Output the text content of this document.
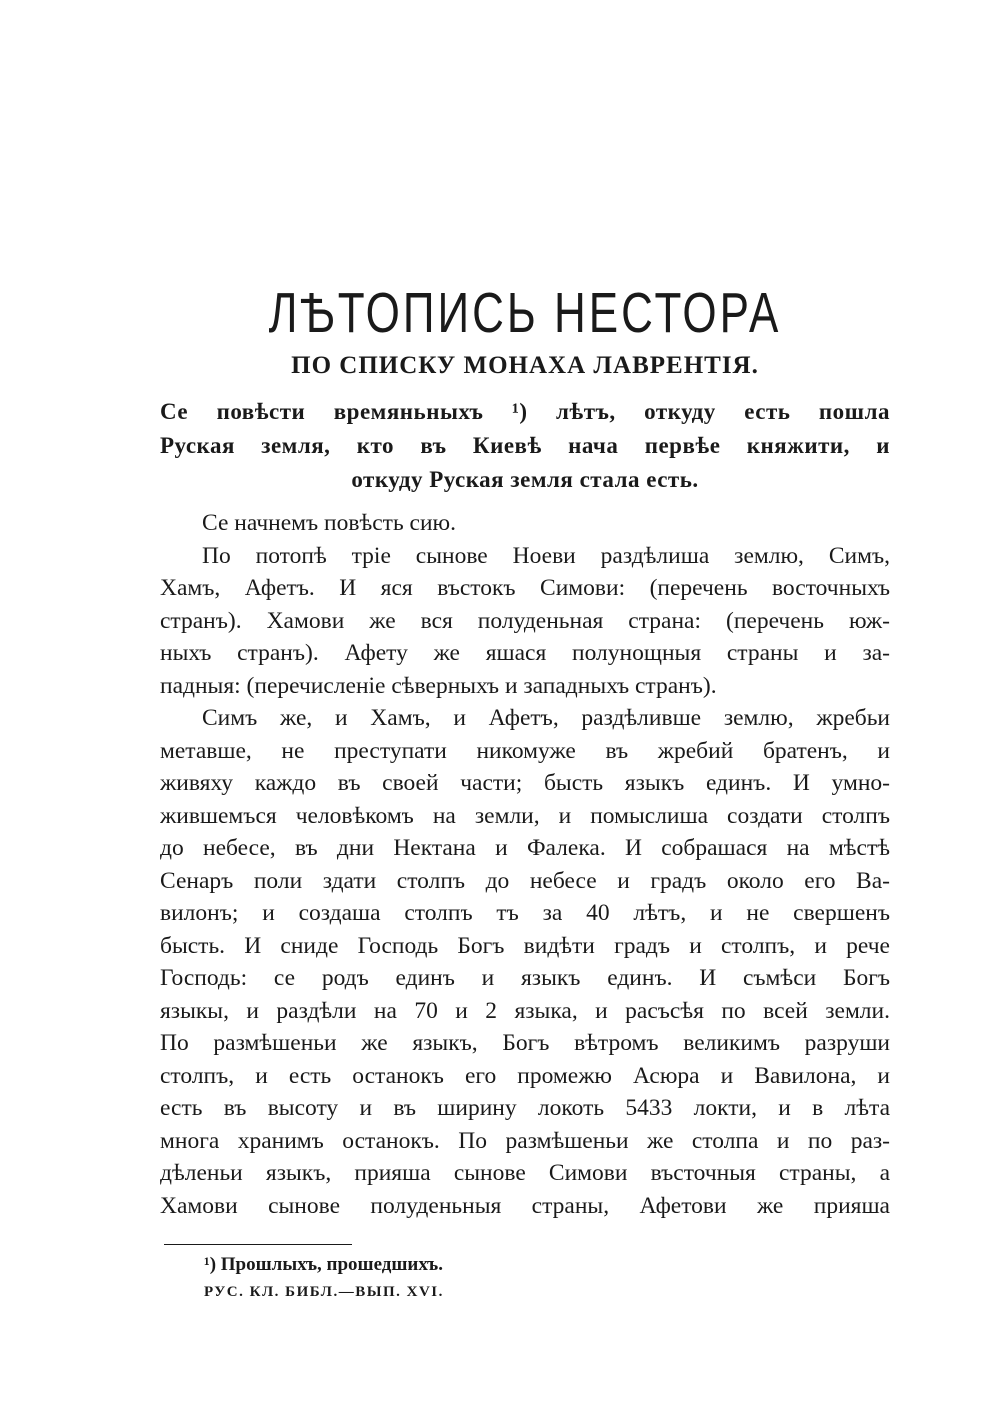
ЛѢТОПИСЬ НЕСТОРА
ПО СПИСКУ МОНАХА ЛАВРЕНТІЯ.
Се повѣсти времяньныхъ ¹) лѣтъ, откуду есть пошла
Руская земля, кто въ Киевѣ нача первѣе княжити, и
откуду Руская земля стала есть.
Се начнемъ повѣсть сию.
По потопѣ тріе сынове Ноеви раздѣлиша землю, Симъ,
Хамъ, Афетъ. И яся въстокъ Симови: (перечень восточныхъ
странъ). Хамови же вся полуденьная страна: (перечень юж-
ныхъ странъ). Афету же яшася полунощныя страны и за-
падныя: (перечисленіе сѣверныхъ и западныхъ странъ).
Симъ же, и Хамъ, и Афетъ, раздѣливше землю, жребьи
метавше, не преступати никомуже въ жребий братенъ, и
живяху каждо въ своей части; бысть языкъ единъ. И умно-
жившемъся человѣкомъ на земли, и помыслиша создати столпъ
до небесе, въ дни Нектана и Фалека. И собрашася на мѣстѣ
Сенаръ поли здати столпъ до небесе и градъ около его Ва-
вилонъ; и создаша столпъ тъ за 40 лѣтъ, и не свершенъ
бысть. И сниде Господь Богъ видѣти градъ и столпъ, и рече
Господь: се родъ единъ и языкъ единъ. И съмѣси Богъ
языкы, и раздѣли на 70 и 2 языка, и расъсѣя по всей земли.
По размѣшеньи же языкъ, Богъ вѣтромъ великимъ разруши
столпъ, и есть останокъ его промежю Асюра и Вавилона, и
есть въ высоту и въ ширину локоть 5433 локти, и в лѣта
многа хранимъ останокъ. По размѣшеньи же столпа и по раз-
дѣленьи языкъ, прияша сынове Симови въсточныя страны, а
Хамови сынове полуденьныя страны, Афетови же прияша

¹) Прошлыхъ, прошедшихъ.

РУС. КЛ. БИБЛ.—ВЫП. XVI.
